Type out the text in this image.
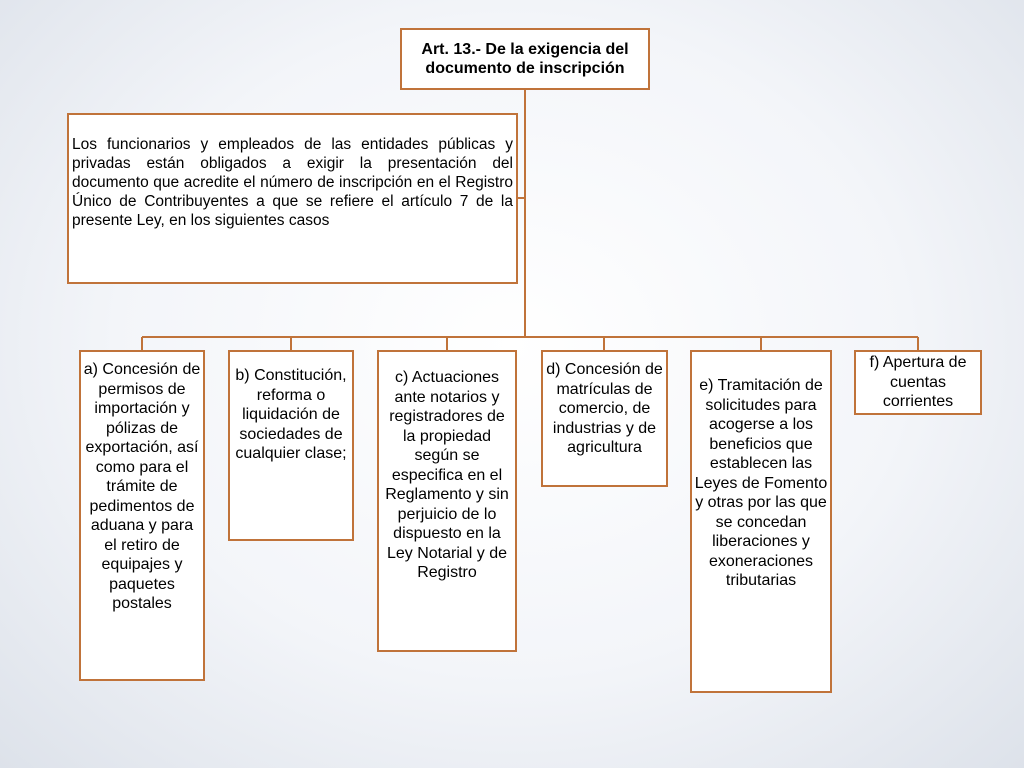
Art. 13.- De la exigencia del documento de inscripción
Los funcionarios y empleados de las entidades públicas y privadas están obligados a exigir la presentación del documento que acredite el número de inscripción en el Registro Único de Contribuyentes a que se refiere el artículo 7 de la presente Ley, en los siguientes casos
a) Concesión de permisos de importación y pólizas de exportación, así como para el trámite de pedimentos de aduana y para el retiro de equipajes y paquetes postales
b) Constitución, reforma o liquidación de sociedades de cualquier clase;
c) Actuaciones ante notarios y registradores de la propiedad según se especifica en el Reglamento y sin perjuicio de lo dispuesto en la Ley Notarial y de Registro
d) Concesión de matrículas de comercio, de industrias y de agricultura
e) Tramitación de solicitudes para acogerse a los beneficios que establecen las Leyes de Fomento y otras por las que se concedan liberaciones y exoneraciones tributarias
f) Apertura de cuentas corrientes
